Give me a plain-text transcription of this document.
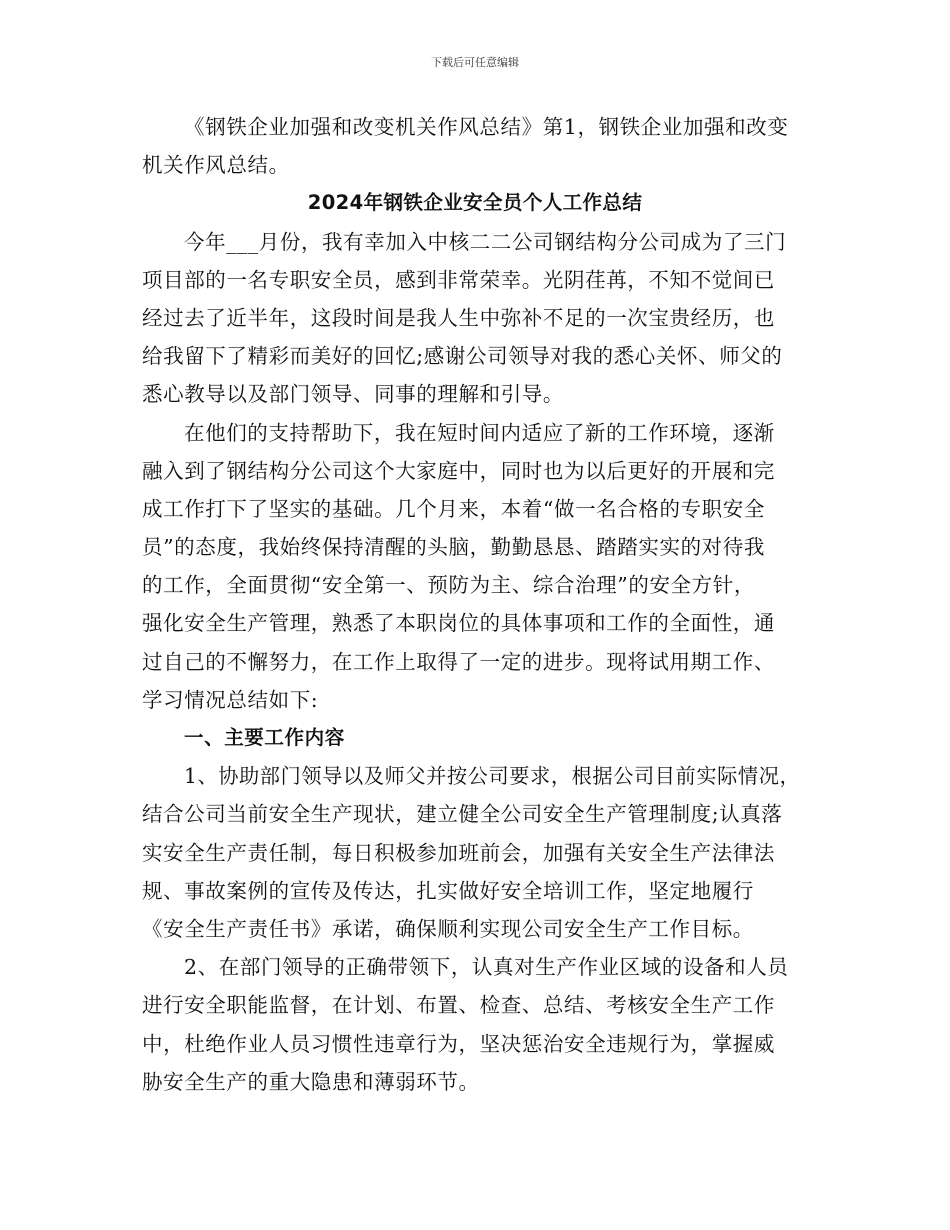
下载后可任意编辑
《钢铁企业加强和改变机关作风总结》第1，钢铁企业加强和改变
机关作风总结。
2024年钢铁企业安全员个人工作总结
今年___月份，我有幸加入中核二二公司钢结构分公司成为了三门
项目部的一名专职安全员，感到非常荣幸。光阴荏苒，不知不觉间已
经过去了近半年，这段时间是我人生中弥补不足的一次宝贵经历，也
给我留下了精彩而美好的回忆;感谢公司领导对我的悉心关怀、师父的
悉心教导以及部门领导、同事的理解和引导。
在他们的支持帮助下，我在短时间内适应了新的工作环境，逐渐
融入到了钢结构分公司这个大家庭中，同时也为以后更好的开展和完
成工作打下了坚实的基础。几个月来，本着“做一名合格的专职安全
员”的态度，我始终保持清醒的头脑，勤勤恳恳、踏踏实实的对待我
的工作，全面贯彻“安全第一、预防为主、综合治理”的安全方针，
强化安全生产管理，熟悉了本职岗位的具体事项和工作的全面性，通
过自己的不懈努力，在工作上取得了一定的进步。现将试用期工作、
学习情况总结如下:
一、主要工作内容
1、协助部门领导以及师父并按公司要求，根据公司目前实际情况，
结合公司当前安全生产现状，建立健全公司安全生产管理制度;认真落
实安全生产责任制，每日积极参加班前会，加强有关安全生产法律法
规、事故案例的宣传及传达，扎实做好安全培训工作，坚定地履行
《安全生产责任书》承诺，确保顺利实现公司安全生产工作目标。
2、在部门领导的正确带领下，认真对生产作业区域的设备和人员
进行安全职能监督，在计划、布置、检查、总结、考核安全生产工作
中，杜绝作业人员习惯性违章行为，坚决惩治安全违规行为，掌握威
胁安全生产的重大隐患和薄弱环节。
